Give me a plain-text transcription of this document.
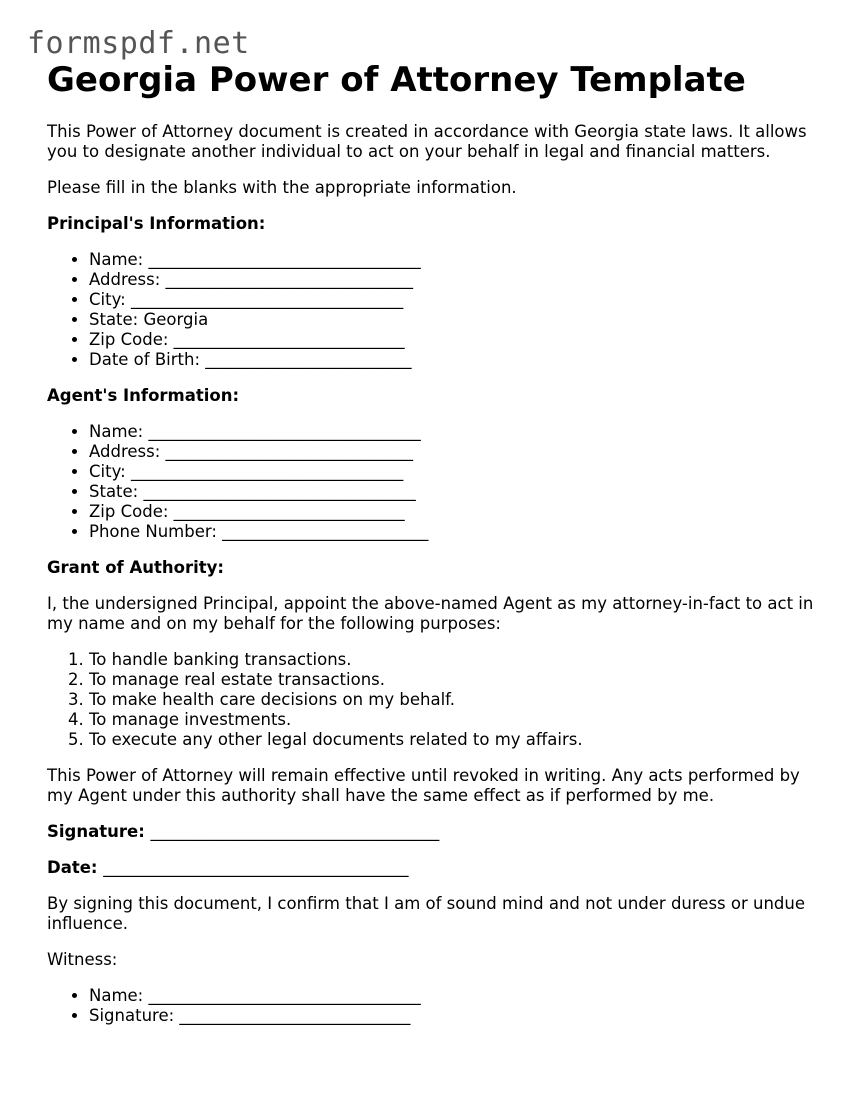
formspdf.net
Georgia Power of Attorney Template

This Power of Attorney document is created in accordance with Georgia state laws. It allows you to designate another individual to act on your behalf in legal and financial matters.

Please fill in the blanks with the appropriate information.

Principal's Information:

• Name: _________________________________
• Address: ______________________________
• City: _________________________________
• State: Georgia
• Zip Code: ____________________________
• Date of Birth: _________________________

Agent's Information:

• Name: _________________________________
• Address: ______________________________
• City: _________________________________
• State: _________________________________
• Zip Code: ____________________________
• Phone Number: _________________________

Grant of Authority:

I, the undersigned Principal, appoint the above-named Agent as my attorney-in-fact to act in my name and on my behalf for the following purposes:

1. To handle banking transactions.
2. To manage real estate transactions.
3. To make health care decisions on my behalf.
4. To manage investments.
5. To execute any other legal documents related to my affairs.

This Power of Attorney will remain effective until revoked in writing. Any acts performed by my Agent under this authority shall have the same effect as if performed by me.

Signature: ___________________________________

Date: _____________________________________

By signing this document, I confirm that I am of sound mind and not under duress or undue influence.

Witness:

• Name: _________________________________
• Signature: ____________________________
